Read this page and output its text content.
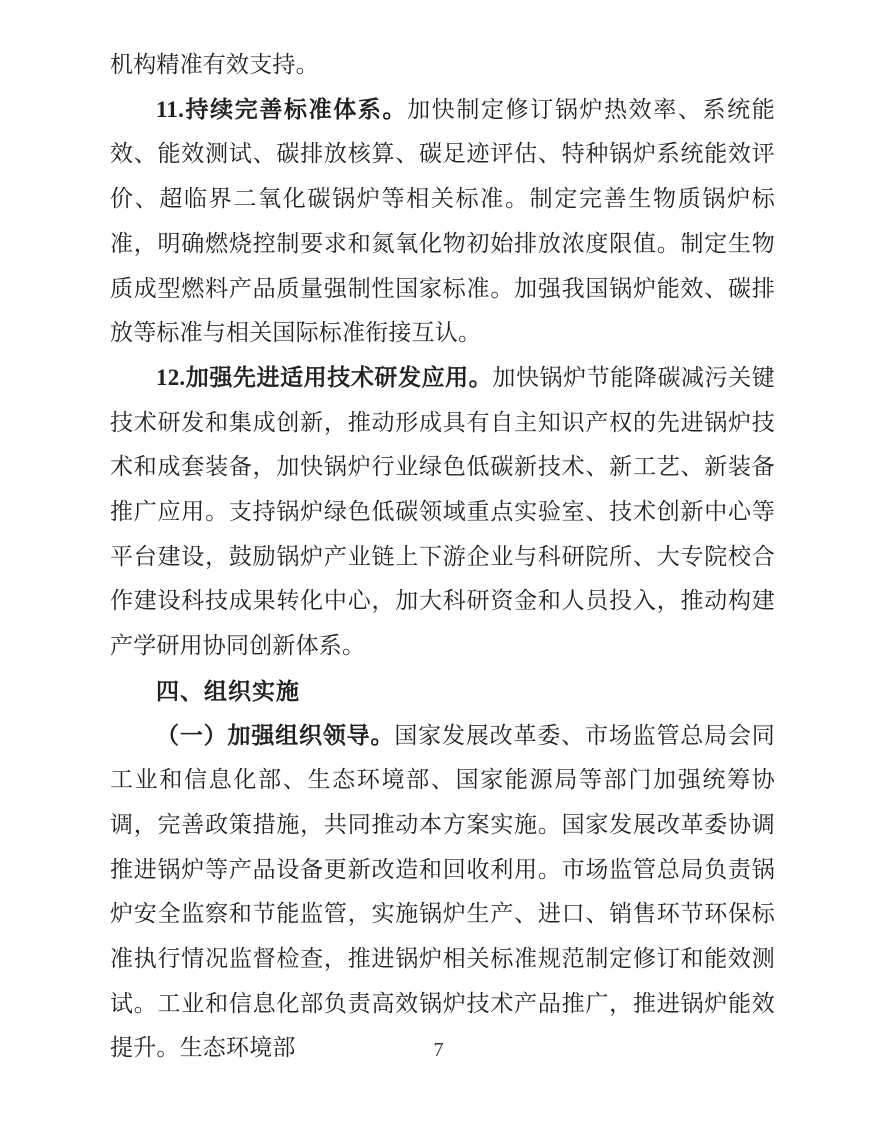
机构精准有效支持。

11.持续完善标准体系。加快制定修订锅炉热效率、系统能效、能效测试、碳排放核算、碳足迹评估、特种锅炉系统能效评价、超临界二氧化碳锅炉等相关标准。制定完善生物质锅炉标准，明确燃烧控制要求和氮氧化物初始排放浓度限值。制定生物质成型燃料产品质量强制性国家标准。加强我国锅炉能效、碳排放等标准与相关国际标准衔接互认。

12.加强先进适用技术研发应用。加快锅炉节能降碳减污关键技术研发和集成创新，推动形成具有自主知识产权的先进锅炉技术和成套装备，加快锅炉行业绿色低碳新技术、新工艺、新装备推广应用。支持锅炉绿色低碳领域重点实验室、技术创新中心等平台建设，鼓励锅炉产业链上下游企业与科研院所、大专院校合作建设科技成果转化中心，加大科研资金和人员投入，推动构建产学研用协同创新体系。

四、组织实施

（一）加强组织领导。国家发展改革委、市场监管总局会同工业和信息化部、生态环境部、国家能源局等部门加强统筹协调，完善政策措施，共同推动本方案实施。国家发展改革委协调推进锅炉等产品设备更新改造和回收利用。市场监管总局负责锅炉安全监察和节能监管，实施锅炉生产、进口、销售环节环保标准执行情况监督检查，推进锅炉相关标准规范制定修订和能效测试。工业和信息化部负责高效锅炉技术产品推广，推进锅炉能效提升。生态环境部	7
